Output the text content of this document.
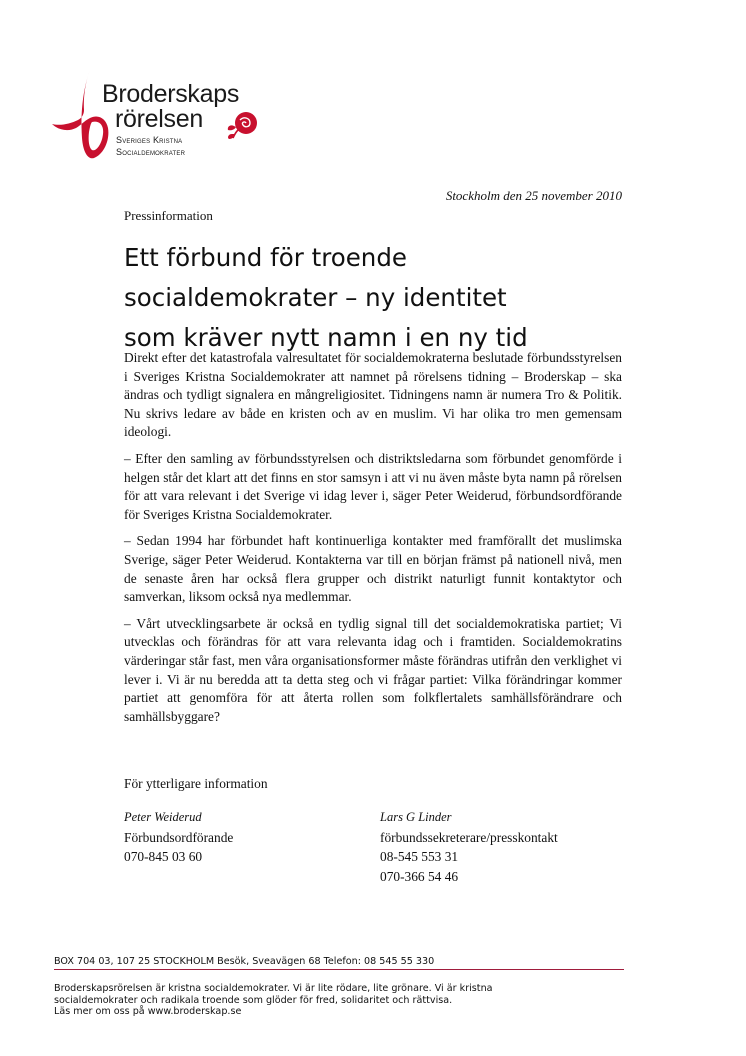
Broderskaps
rörelsen
Sveriges Kristna
Socialdemokrater
Stockholm den 25 november 2010
Pressinformation
Ett förbund för troende
socialdemokrater – ny identitet
som kräver nytt namn i en ny tid

Direkt efter det katastrofala valresultatet för socialdemokraterna beslutade förbundsstyrelsen i Sveriges Kristna Socialdemokrater att namnet på rörelsens tidning – Broderskap – ska ändras och tydligt signalera en mångreligiositet. Tidningens namn är numera Tro & Politik. Nu skrivs ledare av både en kristen och av en muslim. Vi har olika tro men gemensam ideologi.

– Efter den samling av förbundsstyrelsen och distriktsledarna som förbundet genomförde i helgen står det klart att det finns en stor samsyn i att vi nu även måste byta namn på rörelsen för att vara relevant i det Sverige vi idag lever i, säger Peter Weiderud, förbundsordförande för Sveriges Kristna Socialdemokrater.

– Sedan 1994 har förbundet haft kontinuerliga kontakter med framförallt det muslimska Sverige, säger Peter Weiderud. Kontakterna var till en början främst på nationell nivå, men de senaste åren har också flera grupper och distrikt naturligt funnit kontaktytor och samverkan, liksom också nya medlemmar.

– Vårt utvecklingsarbete är också en tydlig signal till det socialdemokratiska partiet; Vi utvecklas och förändras för att vara relevanta idag och i framtiden. Socialdemokratins värderingar står fast, men våra organisationsformer måste förändras utifrån den verklighet vi lever i. Vi är nu beredda att ta detta steg och vi frågar partiet: Vilka förändringar kommer partiet att genomföra för att återta rollen som folkflertalets samhällsförändrare och samhällsbyggare?

För ytterligare information
Peter Weiderud
Förbundsordförande
070-845 03 60
Lars G Linder
förbundssekreterare/presskontakt
08-545 553 31
070-366 54 46
BOX 704 03, 107 25 STOCKHOLM Besök, Sveavägen 68 Telefon: 08 545 55 330
Broderskapsrörelsen är kristna socialdemokrater. Vi är lite rödare, lite grönare. Vi är kristna
socialdemokrater och radikala troende som glöder för fred, solidaritet och rättvisa.
Läs mer om oss på www.broderskap.se
